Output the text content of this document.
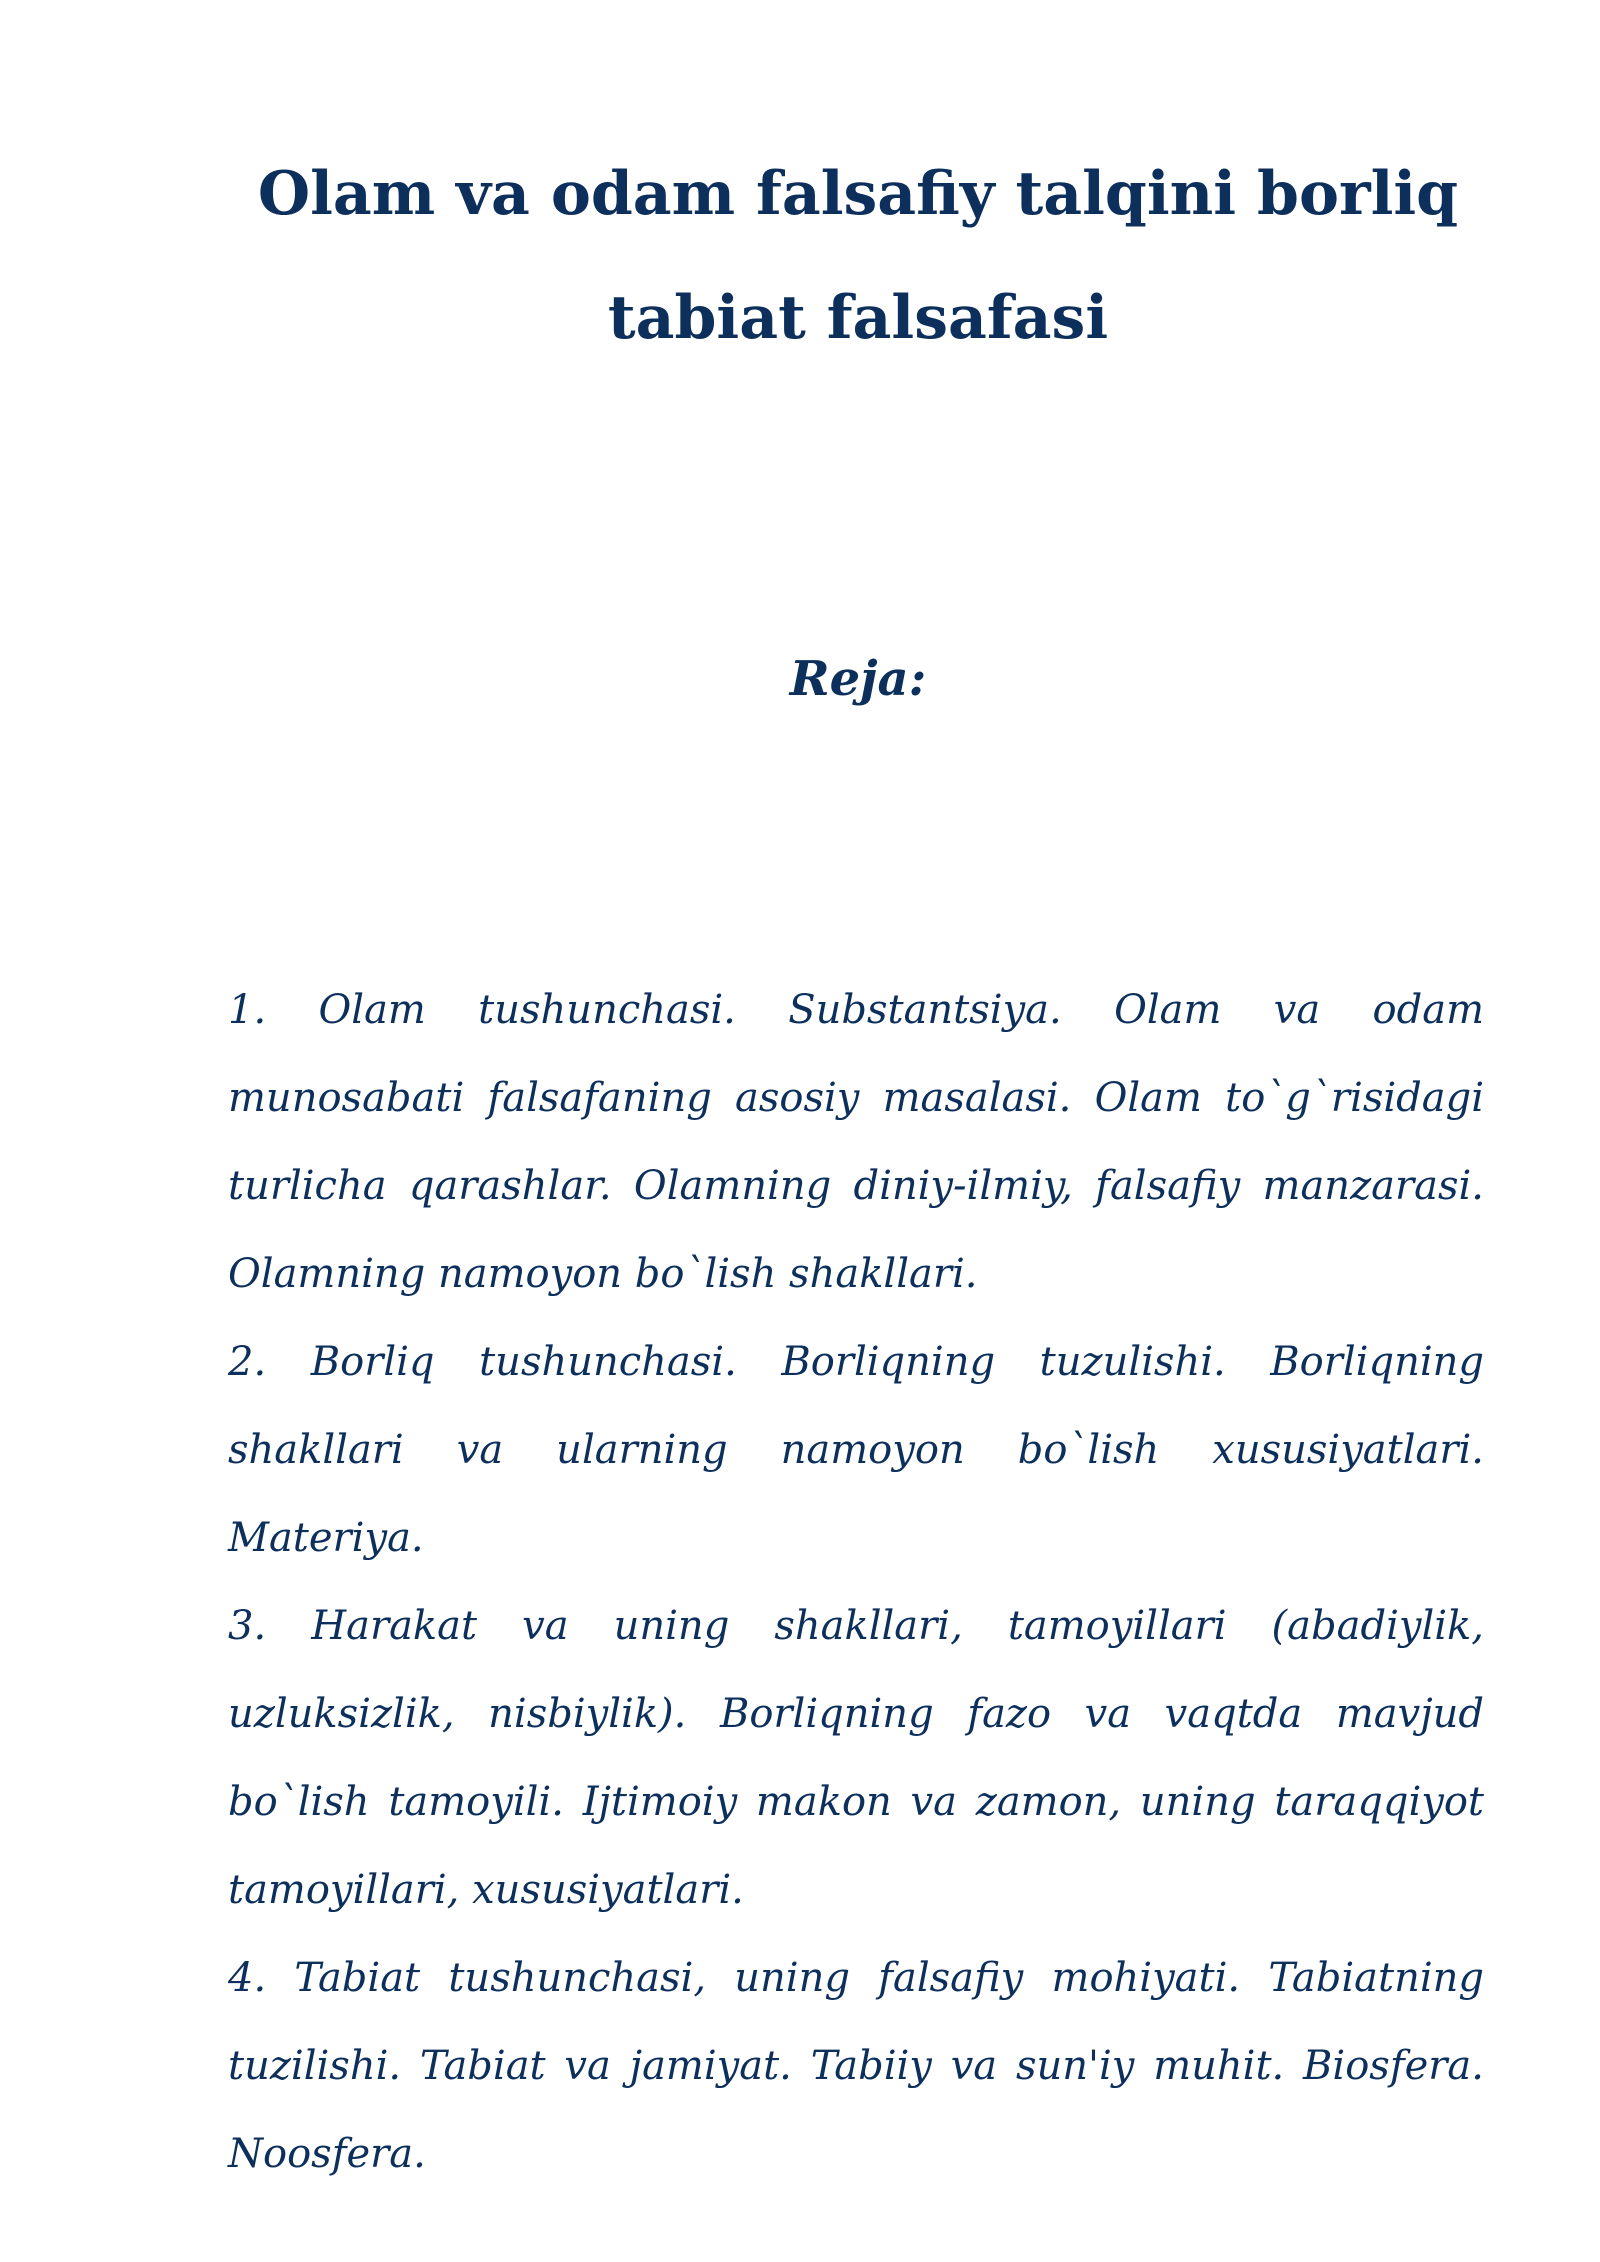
Olam va odam falsafiy talqini borliq tabiat falsafasi
Reja:

1. Olam tushunchasi. Substantsiya. Olam va odam munosabati falsafaning asosiy masalasi. Olam to`g`risidagi turlicha qarashlar. Olamning diniy-ilmiy, falsafiy manzarasi. Olamning namoyon bo`lish shakllari.

2. Borliq tushunchasi. Borliqning tuzulishi. Borliqning shakllari va ularning namoyon bo`lish xususiyatlari. Materiya.

3. Harakat va uning shakllari, tamoyillari (abadiylik, uzluksizlik, nisbiylik). Borliqning fazo va vaqtda mavjud bo`lish tamoyili. Ijtimoiy makon va zamon, uning taraqqiyot tamoyillari, xususiyatlari.

4. Tabiat tushunchasi, uning falsafiy mohiyati. Tabiatning tuzilishi. Tabiat va jamiyat. Tabiiy va sun'iy muhit. Biosfera. Noosfera.
